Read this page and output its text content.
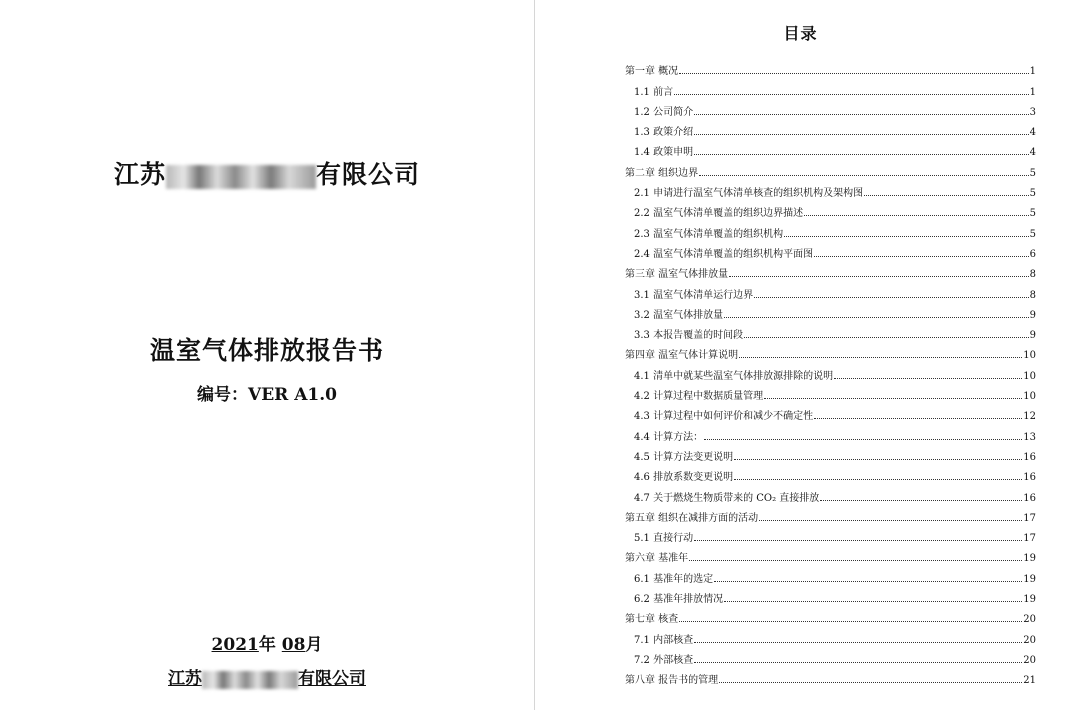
江苏	有限公司
温室气体排放报告书
编号：VER A1.0
2021年 08月
江苏	有限公司
目录
第一章 概况	1
1.1 前言	1
1.2 公司简介	3
1.3 政策介绍	4
1.4 政策申明	4
第二章 组织边界	5
2.1 申请进行温室气体清单核查的组织机构及架构图	5
2.2 温室气体清单覆盖的组织边界描述	5
2.3 温室气体清单覆盖的组织机构	5
2.4 温室气体清单覆盖的组织机构平面图	6
第三章 温室气体排放量	8
3.1 温室气体清单运行边界	8
3.2 温室气体排放量	9
3.3 本报告覆盖的时间段	9
第四章 温室气体计算说明	10
4.1 清单中就某些温室气体排放源排除的说明	10
4.2 计算过程中数据质量管理	10
4.3 计算过程中如何评价和减少不确定性	12
4.4 计算方法：	13
4.5 计算方法变更说明	16
4.6 排放系数变更说明	16
4.7 关于燃烧生物质带来的 CO₂ 直接排放	16
第五章 组织在减排方面的活动	17
5.1 直接行动	17
第六章 基准年	19
6.1 基准年的选定	19
6.2 基准年排放情况	19
第七章 核查	20
7.1 内部核查	20
7.2 外部核查	20
第八章 报告书的管理	21
